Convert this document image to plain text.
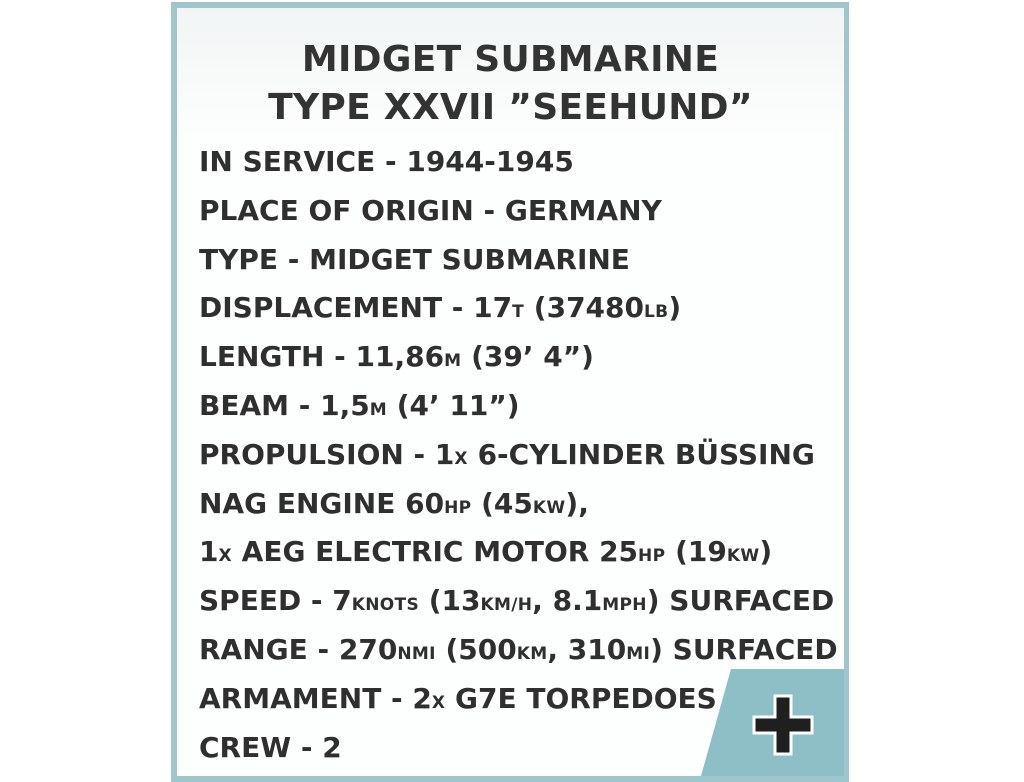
MIDGET SUBMARINE
TYPE XXVII ”SEEHUND”
IN SERVICE - 1944-1945
PLACE OF ORIGIN - GERMANY
TYPE - MIDGET SUBMARINE
DISPLACEMENT - 17T (37480LB)
LENGTH - 11,86M (39’ 4”)
BEAM - 1,5M (4’ 11”)
PROPULSION - 1X 6-CYLINDER BÜSSING
NAG ENGINE 60HP (45KW),
1X AEG ELECTRIC MOTOR 25HP (19KW)
SPEED - 7KNOTS (13KM/H, 8.1MPH) SURFACED
RANGE - 270NMI (500KM, 310MI) SURFACED
ARMAMENT - 2X G7E TORPEDOES
CREW - 2
